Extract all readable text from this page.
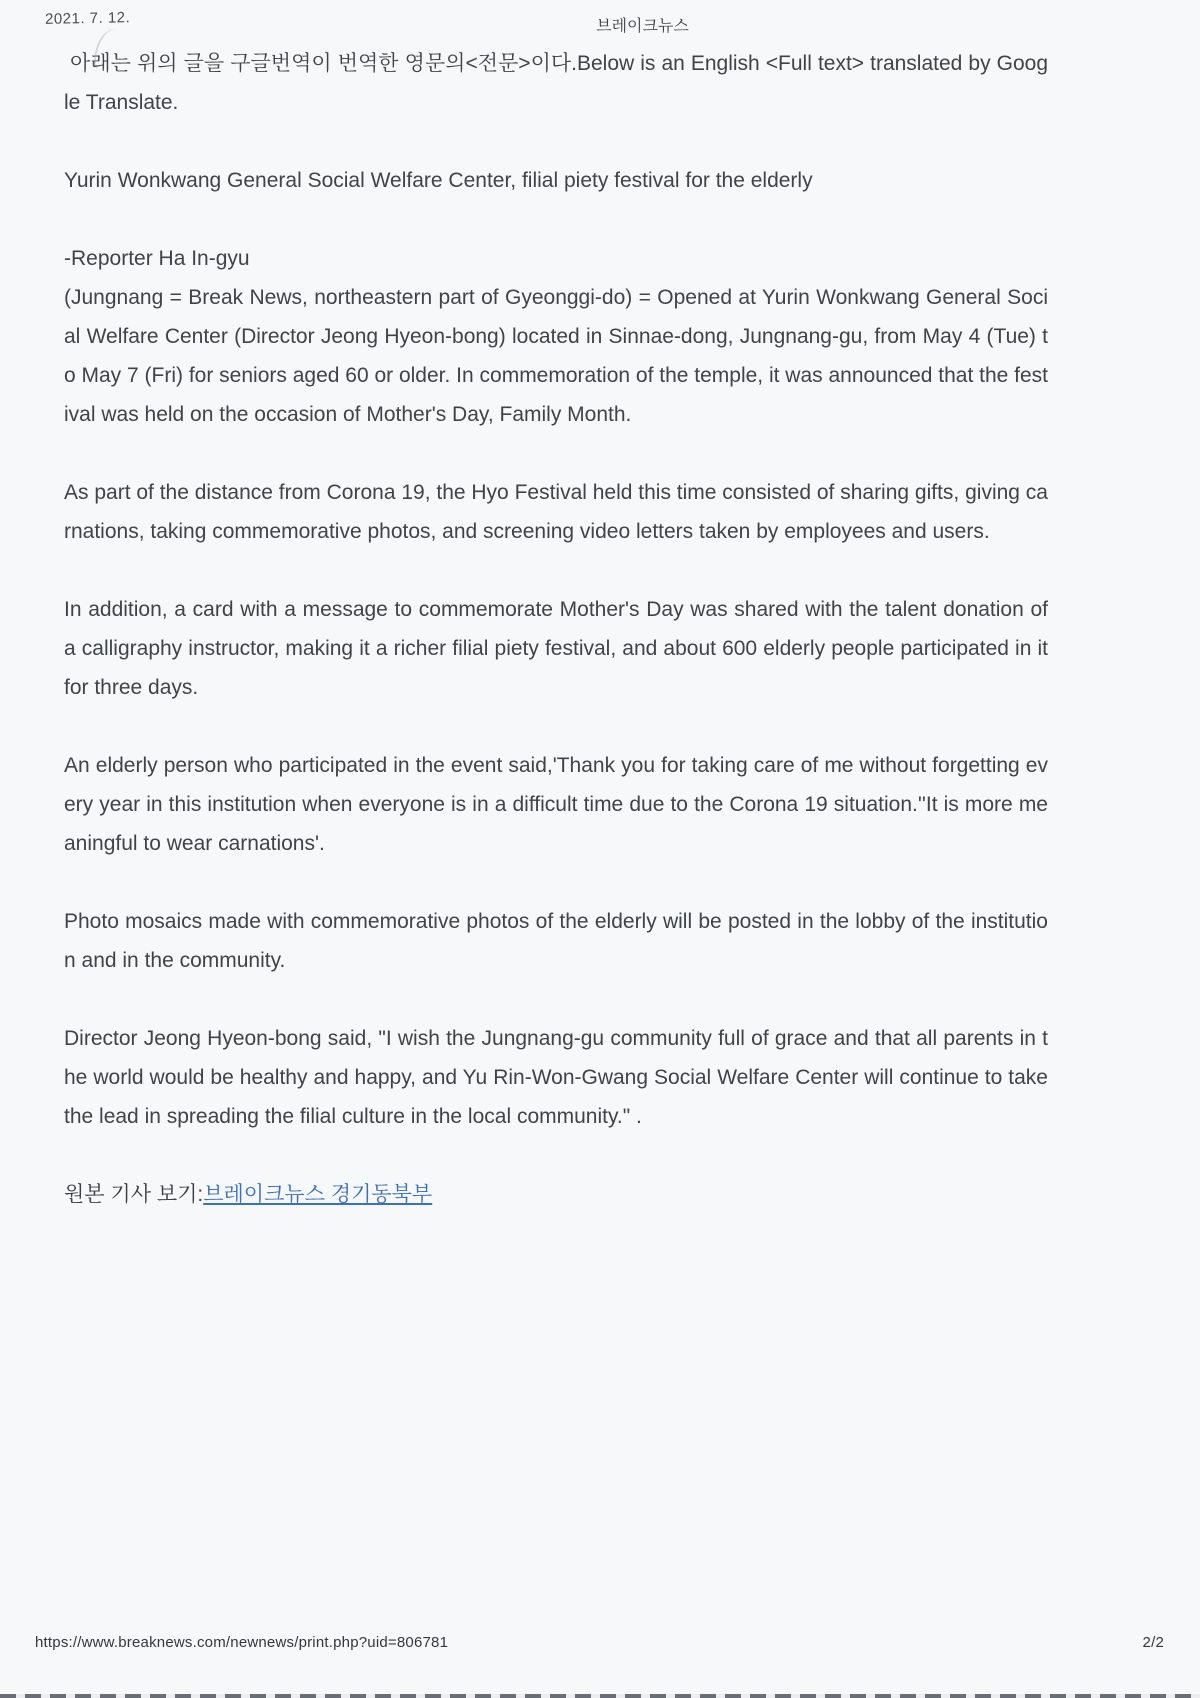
2021. 7. 12.	브레이크뉴스
아래는 위의 글을 구글번역이 번역한 영문의<전문>이다.Below is an English <Full text> translated by Google Translate.
Yurin Wonkwang General Social Welfare Center, filial piety festival for the elderly
-Reporter Ha In-gyu
(Jungnang = Break News, northeastern part of Gyeonggi-do) = Opened at Yurin Wonkwang General Social Welfare Center (Director Jeong Hyeon-bong) located in Sinnae-dong, Jungnang-gu, from May 4 (Tue) to May 7 (Fri) for seniors aged 60 or older. In commemoration of the temple, it was announced that the festival was held on the occasion of Mother's Day, Family Month.
As part of the distance from Corona 19, the Hyo Festival held this time consisted of sharing gifts, giving carnations, taking commemorative photos, and screening video letters taken by employees and users.
In addition, a card with a message to commemorate Mother's Day was shared with the talent donation of a calligraphy instructor, making it a richer filial piety festival, and about 600 elderly people participated in it for three days.
An elderly person who participated in the event said,'Thank you for taking care of me without forgetting every year in this institution when everyone is in a difficult time due to the Corona 19 situation.''It is more meaningful to wear carnations'.
Photo mosaics made with commemorative photos of the elderly will be posted in the lobby of the institution and in the community.
Director Jeong Hyeon-bong said, "I wish the Jungnang-gu community full of grace and that all parents in the world would be healthy and happy, and Yu Rin-Won-Gwang Social Welfare Center will continue to take the lead in spreading the filial culture in the local community." .
원본 기사 보기:브레이크뉴스 경기동북부
https://www.breaknews.com/newnews/print.php?uid=806781	2/2
